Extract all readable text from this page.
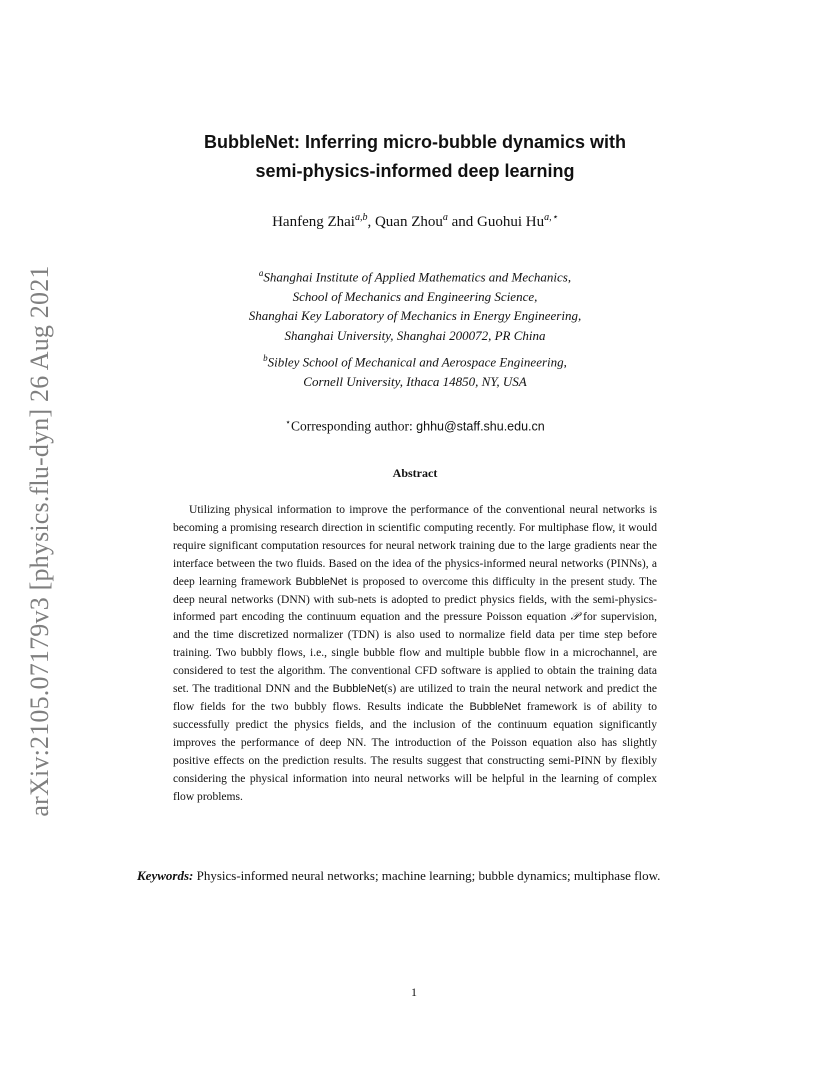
arXiv:2105.07179v3 [physics.flu-dyn] 26 Aug 2021
BubbleNet: Inferring micro-bubble dynamics with
semi-physics-informed deep learning
Hanfeng Zhai$^{a,b}$, Quan Zhou$^a$ and Guohui $Hu^{a,⋆}$
$^a$Shanghai Institute of Applied Mathematics and Mechanics,
School of Mechanics and Engineering Science,
Shanghai Key Laboratory of Mechanics in Energy Engineering,
Shanghai University, Shanghai 200072, PR China
$^b$Sibley School of Mechanical and Aerospace Engineering,
Cornell University, Ithaca 14850, NY, USA
⋆Corresponding author: ghhu@staff.shu.edu.cn
Abstract
Utilizing physical information to improve the performance of the conventional neural networks is becoming a promising research direction in scientific computing recently. For multiphase flow, it would require significant computation resources for neural network training due to the large gradients near the interface between the two fluids. Based on the idea of the physics-informed neural networks (PINNs), a deep learning framework BubbleNet is proposed to overcome this difficulty in the present study. The deep neural networks (DNN) with sub-nets is adopted to predict physics fields, with the semi-physics-informed part encoding the continuum equation and the pressure Poisson equation 𝒫 for supervision, and the time discretized normalizer (TDN) is also used to normalize field data per time step before training. Two bubbly flows, i.e., single bubble flow and multiple bubble flow in a microchannel, are considered to test the algorithm. The conventional CFD software is applied to obtain the training data set. The traditional DNN and the BubbleNet(s) are utilized to train the neural network and predict the flow fields for the two bubbly flows. Results indicate the BubbleNet framework is of ability to successfully predict the physics fields, and the inclusion of the continuum equation significantly improves the performance of deep NN. The introduction of the Poisson equation also has slightly positive effects on the prediction results. The results suggest that constructing semi-PINN by flexibly considering the physical information into neural networks will be helpful in the learning of complex flow problems.
Keywords: Physics-informed neural networks; machine learning; bubble dynamics; multiphase flow.
1
